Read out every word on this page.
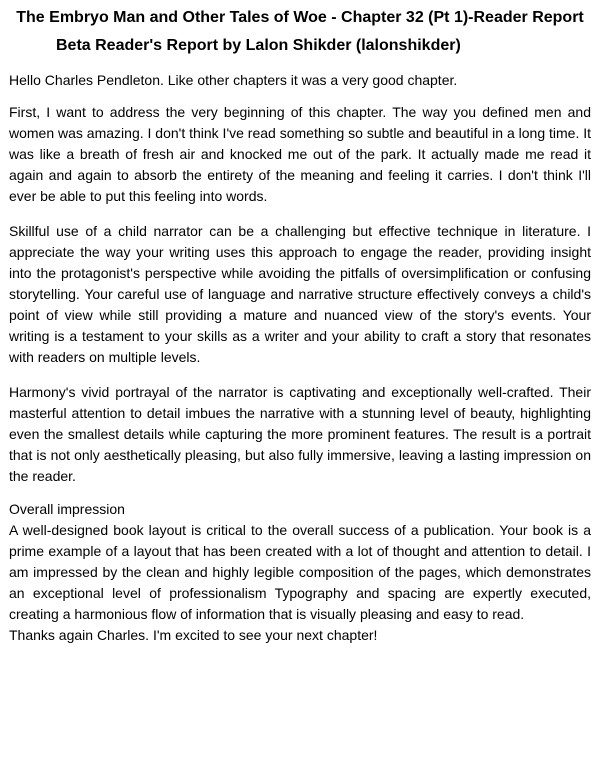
The Embryo Man and Other Tales of Woe - Chapter 32 (Pt 1)-Reader Report
Beta Reader's Report by Lalon Shikder (lalonshikder)

Hello Charles Pendleton. Like other chapters it was a very good chapter.

First, I want to address the very beginning of this chapter. The way you defined men and women was amazing. I don't think I've read something so subtle and beautiful in a long time. It was like a breath of fresh air and knocked me out of the park. It actually made me read it again and again to absorb the entirety of the meaning and feeling it carries. I don't think I'll ever be able to put this feeling into words.

Skillful use of a child narrator can be a challenging but effective technique in literature. I appreciate the way your writing uses this approach to engage the reader, providing insight into the protagonist's perspective while avoiding the pitfalls of oversimplification or confusing storytelling. Your careful use of language and narrative structure effectively conveys a child's point of view while still providing a mature and nuanced view of the story's events. Your writing is a testament to your skills as a writer and your ability to craft a story that resonates with readers on multiple levels.

Harmony's vivid portrayal of the narrator is captivating and exceptionally well-crafted. Their masterful attention to detail imbues the narrative with a stunning level of beauty, highlighting even the smallest details while capturing the more prominent features. The result is a portrait that is not only aesthetically pleasing, but also fully immersive, leaving a lasting impression on the reader.

Overall impression

A well-designed book layout is critical to the overall success of a publication. Your book is a prime example of a layout that has been created with a lot of thought and attention to detail. I am impressed by the clean and highly legible composition of the pages, which demonstrates an exceptional level of professionalism Typography and spacing are expertly executed, creating a harmonious flow of information that is visually pleasing and easy to read.

Thanks again Charles. I'm excited to see your next chapter!
